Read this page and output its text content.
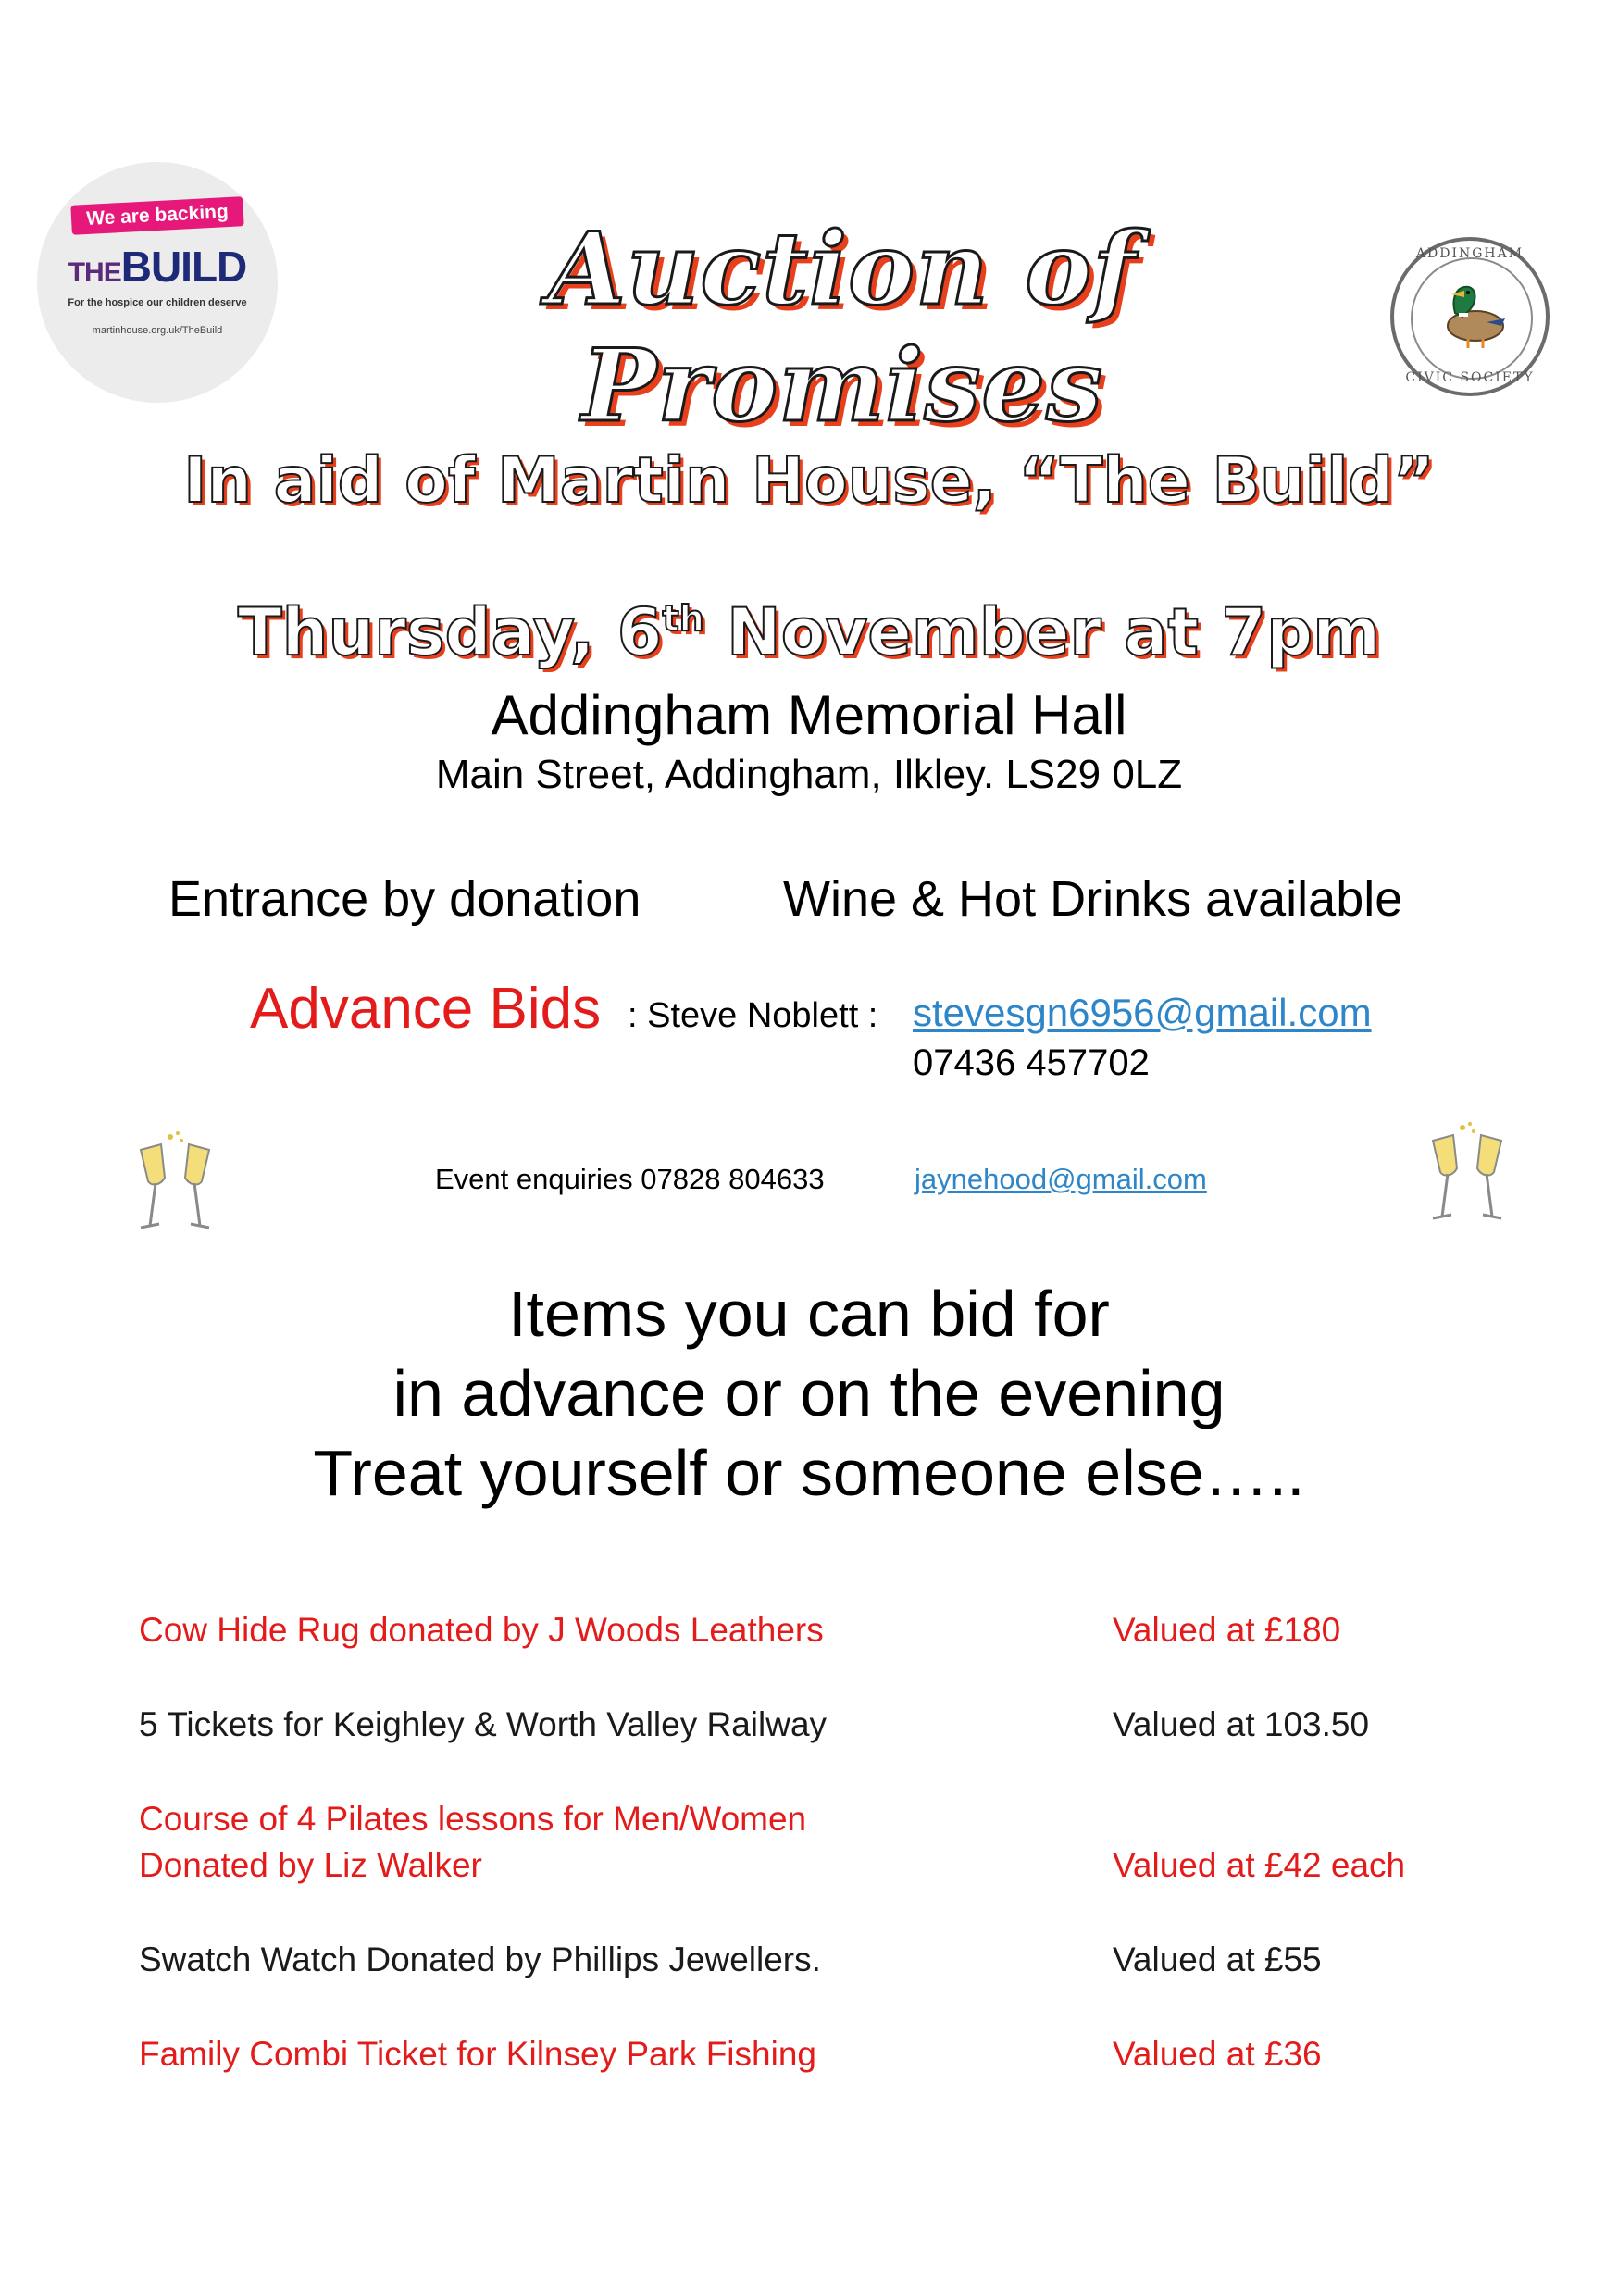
We are backing
THEBUILD
For the hospice our children deserve
martinhouse.org.uk/TheBuild
Auction of Promises
ADDINGHAM
CIVIC SOCIETY
In aid of Martin House, “The Build”
Thursday, 6th November at 7pm
Addingham Memorial Hall
Main Street, Addingham, Ilkley. LS29 0LZ
Entrance by donation	Wine & Hot Drinks available
Advance Bids : Steve Noblett : stevesgn6956@gmail.com
07436 457702
Event enquiries 07828 804633	jaynehood@gmail.com
Items you can bid for
in advance or on the evening
Treat yourself or someone else…..
Cow Hide Rug donated by J Woods Leathers	Valued at £180
5 Tickets for Keighley & Worth Valley Railway	Valued at 103.50
Course of 4 Pilates lessons for Men/Women
Donated by Liz Walker	Valued at £42 each
Swatch Watch Donated by Phillips Jewellers.	Valued at £55
Family Combi Ticket for Kilnsey Park Fishing	Valued at £36
